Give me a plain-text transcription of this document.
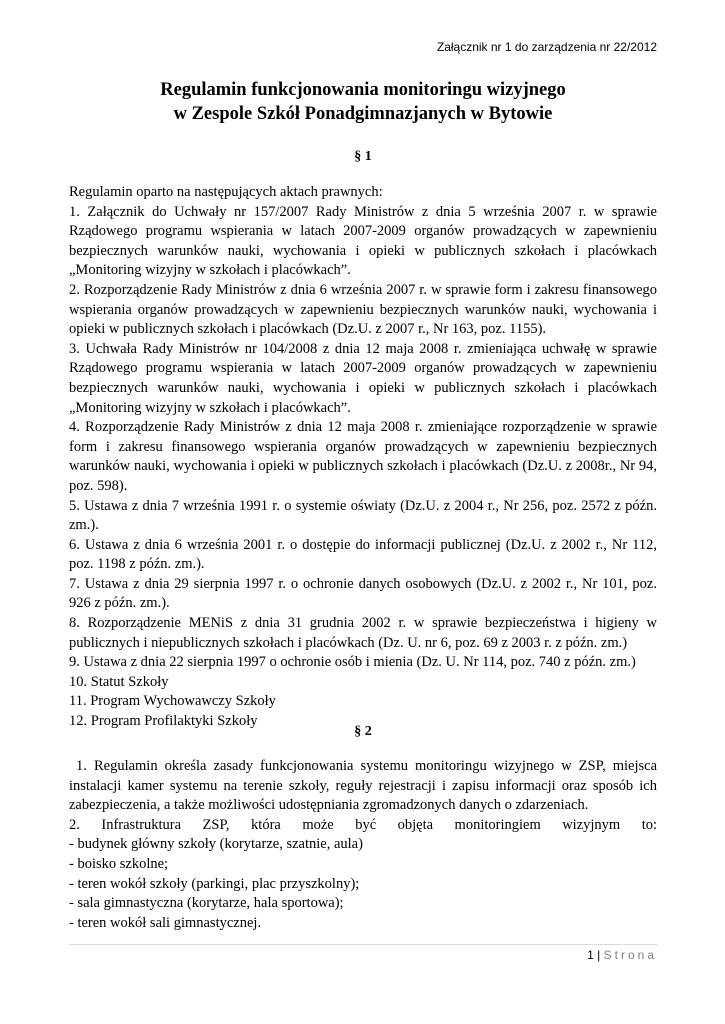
Załącznik nr 1 do zarządzenia nr 22/2012
Regulamin funkcjonowania monitoringu wizyjnego
w Zespole Szkół Ponadgimnazjanych w Bytowie
§ 1

Regulamin oparto na następujących aktach prawnych:

1. Załącznik do Uchwały nr 157/2007 Rady Ministrów z dnia 5 września 2007 r. w sprawie Rządowego programu wspierania w latach 2007-2009 organów prowadzących w zapewnieniu bezpiecznych warunków nauki, wychowania i opieki w publicznych szkołach i placówkach „Monitoring wizyjny w szkołach i placówkach”.

2. Rozporządzenie Rady Ministrów z dnia 6 września 2007 r. w sprawie form i zakresu finansowego wspierania organów prowadzących w zapewnieniu bezpiecznych warunków nauki, wychowania i opieki w publicznych szkołach i placówkach (Dz.U. z 2007 r., Nr 163, poz. 1155).

3. Uchwała Rady Ministrów nr 104/2008 z dnia 12 maja 2008 r. zmieniająca uchwałę w sprawie Rządowego programu wspierania w latach 2007-2009 organów prowadzących w zapewnieniu bezpiecznych warunków nauki, wychowania i opieki w publicznych szkołach i placówkach „Monitoring wizyjny w szkołach i placówkach”.

4. Rozporządzenie Rady Ministrów z dnia 12 maja 2008 r. zmieniające rozporządzenie w sprawie form i zakresu finansowego wspierania organów prowadzących w zapewnieniu bezpiecznych warunków nauki, wychowania i opieki w publicznych szkołach i placówkach (Dz.U. z 2008r., Nr 94, poz. 598).

5. Ustawa z dnia 7 września 1991 r. o systemie oświaty (Dz.U. z 2004 r., Nr 256, poz. 2572 z późn. zm.).

6. Ustawa z dnia 6 września 2001 r. o dostępie do informacji publicznej (Dz.U. z 2002 r., Nr 112, poz. 1198 z późn. zm.).

7. Ustawa z dnia 29 sierpnia 1997 r. o ochronie danych osobowych (Dz.U. z 2002 r., Nr 101, poz. 926 z późn. zm.).

8. Rozporządzenie MENiS z dnia 31 grudnia 2002 r. w sprawie bezpieczeństwa i higieny w publicznych i niepublicznych szkołach i placówkach (Dz. U. nr 6, poz. 69 z 2003 r. z późn. zm.)

9. Ustawa z dnia 22 sierpnia 1997 o ochronie osób i mienia (Dz. U. Nr 114, poz. 740 z późn. zm.)

10. Statut Szkoły

11. Program Wychowawczy Szkoły

12. Program Profilaktyki Szkoły

§ 2

1. Regulamin określa zasady funkcjonowania systemu monitoringu wizyjnego w ZSP, miejsca instalacji kamer systemu na terenie szkoły, reguły rejestracji i zapisu informacji oraz sposób ich zabezpieczenia, a także możliwości udostępniania zgromadzonych danych o zdarzeniach.

2. Infrastruktura ZSP, która może być objęta monitoringiem wizyjnym to:

- budynek główny szkoły (korytarze, szatnie, aula)

- boisko szkolne;

- teren wokół szkoły (parkingi, plac przyszkolny);

- sala gimnastyczna (korytarze, hala sportowa);

- teren wokół sali gimnastycznej.

1 | Strona
